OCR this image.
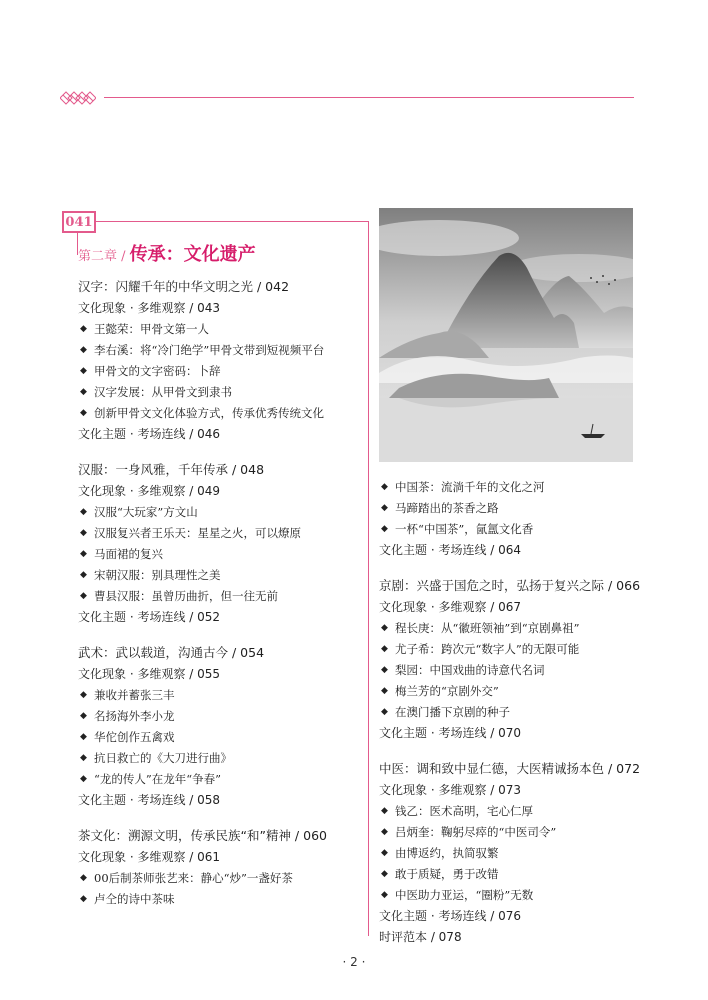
041
第二章 / 传承：文化遗产
汉字：闪耀千年的中华文明之光 / 042
文化现象 · 多维观察 / 043
◆ 王懿荣：甲骨文第一人
◆ 李右溪：将“冷门绝学”甲骨文带到短视频平台
◆ 甲骨文的文字密码：卜辞
◆ 汉字发展：从甲骨文到隶书
◆ 创新甲骨文文化体验方式，传承优秀传统文化
文化主题 · 考场连线 / 046
汉服：一身风雅，千年传承 / 048
文化现象 · 多维观察 / 049
◆ 汉服“大玩家”方文山
◆ 汉服复兴者王乐天：星星之火，可以燎原
◆ 马面裙的复兴
◆ 宋朝汉服：别具理性之美
◆ 曹县汉服：虽曾历曲折，但一往无前
文化主题 · 考场连线 / 052
武术：武以载道，沟通古今 / 054
文化现象 · 多维观察 / 055
◆ 兼收并蓄张三丰
◆ 名扬海外李小龙
◆ 华佗创作五禽戏
◆ 抗日救亡的《大刀进行曲》
◆ “龙的传人”在龙年“争春”
文化主题 · 考场连线 / 058
茶文化：溯源文明，传承民族“和”精神 / 060
文化现象 · 多维观察 / 061
◆ 00后制茶师张艺来：静心“炒”一盏好茶
◆ 卢仝的诗中茶味
◆ 中国茶：流淌千年的文化之河
◆ 马蹄踏出的茶香之路
◆ 一杯“中国茶”，氤氲文化香
文化主题 · 考场连线 / 064
京剧：兴盛于国危之时，弘扬于复兴之际 / 066
文化现象 · 多维观察 / 067
◆ 程长庚：从“徽班领袖”到“京剧鼻祖”
◆ 尤子希：跨次元“数字人”的无限可能
◆ 梨园：中国戏曲的诗意代名词
◆ 梅兰芳的“京剧外交”
◆ 在澳门播下京剧的种子
文化主题 · 考场连线 / 070
中医：调和致中显仁德，大医精诚扬本色 / 072
文化现象 · 多维观察 / 073
◆ 钱乙：医术高明，宅心仁厚
◆ 吕炳奎：鞠躬尽瘁的“中医司令”
◆ 由博返约，执简驭繁
◆ 敢于质疑，勇于改错
◆ 中医助力亚运，“圈粉”无数
文化主题 · 考场连线 / 076
时评范本 / 078
· 2 ·
